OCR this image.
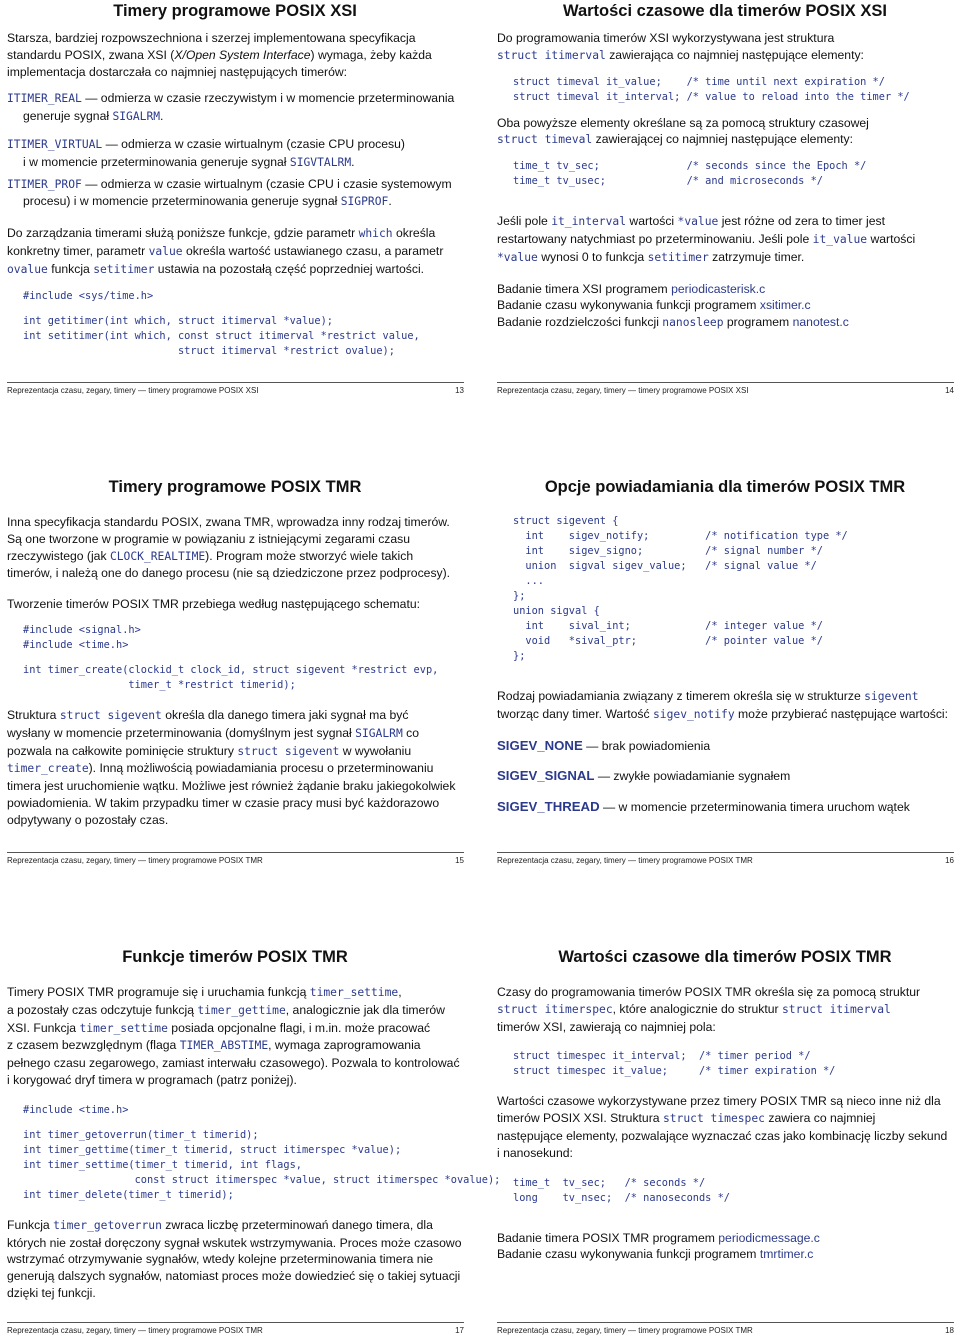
Timery programowe POSIX XSI

Starsza, bardziej rozpowszechniona i szerzej implementowana specyfikacja
standardu POSIX, zwana XSI (X/Open System Interface) wymaga, żeby każda
implementacja dostarczała co najmniej następujących timerów:

ITIMER_REAL — odmierza w czasie rzeczywistym i w momencie przeterminowania
generuje sygnał SIGALRM.

ITIMER_VIRTUAL — odmierza w czasie wirtualnym (czasie CPU procesu)
i w momencie przeterminowania generuje sygnał SIGVTALRM.

ITIMER_PROF — odmierza w czasie wirtualnym (czasie CPU i czasie systemowym
procesu) i w momencie przeterminowania generuje sygnał SIGPROF.

Do zarządzania timerami służą poniższe funkcje, gdzie parametr which określa
konkretny timer, parametr value określa wartość ustawianego czasu, a parametr
ovalue funkcja setitimer ustawia na pozostałą część poprzedniej wartości.

#include <sys/time.h>
int getitimer(int which, struct itimerval *value);
int setitimer(int which, const struct itimerval *restrict value,
struct itimerval *restrict ovalue);
Reprezentacja czasu, zegary, timery — timery programowe POSIX XSI	13
Wartości czasowe dla timerów POSIX XSI

Do programowania timerów XSI wykorzystywana jest struktura
struct itimerval zawierająca co najmniej następujące elementy:

struct timeval it_value;    /* time until next expiration */
struct timeval it_interval; /* value to reload into the timer */

Oba powyższe elementy określane są za pomocą struktury czasowej
struct timeval zawierającej co najmniej następujące elementy:

time_t tv_sec;              /* seconds since the Epoch */
time_t tv_usec;             /* and microseconds */

Jeśli pole it_interval wartości *value jest różne od zera to timer jest
restartowany natychmiast po przeterminowaniu. Jeśli pole it_value wartości
*value wynosi 0 to funkcja setitimer zatrzymuje timer.

Badanie timera XSI programem periodicasterisk.c
Badanie czasu wykonywania funkcji programem xsitimer.c
Badanie rozdzielczości funkcji nanosleep programem nanotest.c

Reprezentacja czasu, zegary, timery — timery programowe POSIX XSI	14
Timery programowe POSIX TMR

Inna specyfikacja standardu POSIX, zwana TMR, wprowadza inny rodzaj timerów.
Są one tworzone w programie w powiązaniu z istniejącymi zegarami czasu
rzeczywistego (jak CLOCK_REALTIME). Program może stworzyć wiele takich
timerów, i należą one do danego procesu (nie są dziedziczone przez podprocesy).

Tworzenie timerów POSIX TMR przebiega według następującego schematu:

#include <signal.h>
#include <time.h>
int timer_create(clockid_t clock_id, struct sigevent *restrict evp,
timer_t *restrict timerid);

Struktura struct sigevent określa dla danego timera jaki sygnał ma być
wysłany w momencie przeterminowania (domyślnym jest sygnał SIGALRM co
pozwala na całkowite pominięcie struktury struct sigevent w wywołaniu
timer_create). Inną możliwością powiadamiania procesu o przeterminowaniu
timera jest uruchomienie wątku. Możliwe jest również żądanie braku jakiegokolwiek
powiadomienia. W takim przypadku timer w czasie pracy musi być każdorazowo
odpytywany o pozostały czas.

Reprezentacja czasu, zegary, timery — timery programowe POSIX TMR	15
Opcje powiadamiania dla timerów POSIX TMR
struct sigevent {
int    sigev_notify;         /* notification type */
int    sigev_signo;          /* signal number */
union  sigval sigev_value;   /* signal value */
...
};
union sigval {
int    sival_int;            /* integer value */
void   *sival_ptr;           /* pointer value */
};

Rodzaj powiadamiania związany z timerem określa się w strukturze sigevent
tworząc dany timer. Wartość sigev_notify może przybierać następujące wartości:

SIGEV_NONE — brak powiadomienia

SIGEV_SIGNAL — zwykłe powiadamianie sygnałem

SIGEV_THREAD — w momencie przeterminowania timera uruchom wątek

Reprezentacja czasu, zegary, timery — timery programowe POSIX TMR	16
Funkcje timerów POSIX TMR

Timery POSIX TMR programuje się i uruchamia funkcją timer_settime,
a pozostały czas odczytuje funkcją timer_gettime, analogicznie jak dla timerów
XSI. Funkcja timer_settime posiada opcjonalne flagi, i m.in. może pracować
z czasem bezwzględnym (flaga TIMER_ABSTIME, wymaga zaprogramowania
pełnego czasu zegarowego, zamiast interwału czasowego). Pozwala to kontrolować
i korygować dryf timera w programach (patrz poniżej).

#include <time.h>
int timer_getoverrun(timer_t timerid);
int timer_gettime(timer_t timerid, struct itimerspec *value);
int timer_settime(timer_t timerid, int flags,
const struct itimerspec *value, struct itimerspec *ovalue);
int timer_delete(timer_t timerid);

Funkcja timer_getoverrun zwraca liczbę przeterminowań danego timera, dla
których nie został doręczony sygnał wskutek wstrzymywania. Proces może czasowo
wstrzymać otrzymywanie sygnałów, wtedy kolejne przeterminowania timera nie
generują dalszych sygnałów, natomiast proces może dowiedzieć się o takiej sytuacji
dzięki tej funkcji.

Reprezentacja czasu, zegary, timery — timery programowe POSIX TMR	17
Wartości czasowe dla timerów POSIX TMR

Czasy do programowania timerów POSIX TMR określa się za pomocą struktur
struct itimerspec, które analogicznie do struktur struct itimerval
timerów XSI, zawierają co najmniej pola:

struct timespec it_interval;  /* timer period */
struct timespec it_value;     /* timer expiration */

Wartości czasowe wykorzystywane przez timery POSIX TMR są nieco inne niż dla
timerów POSIX XSI. Struktura struct timespec zawiera co najmniej
następujące elementy, pozwalające wyznaczać czas jako kombinację liczby sekund
i nanosekund:

time_t  tv_sec;   /* seconds */
long    tv_nsec;  /* nanoseconds */

Badanie timera POSIX TMR programem periodicmessage.c
Badanie czasu wykonywania funkcji programem tmrtimer.c

Reprezentacja czasu, zegary, timery — timery programowe POSIX TMR	18
